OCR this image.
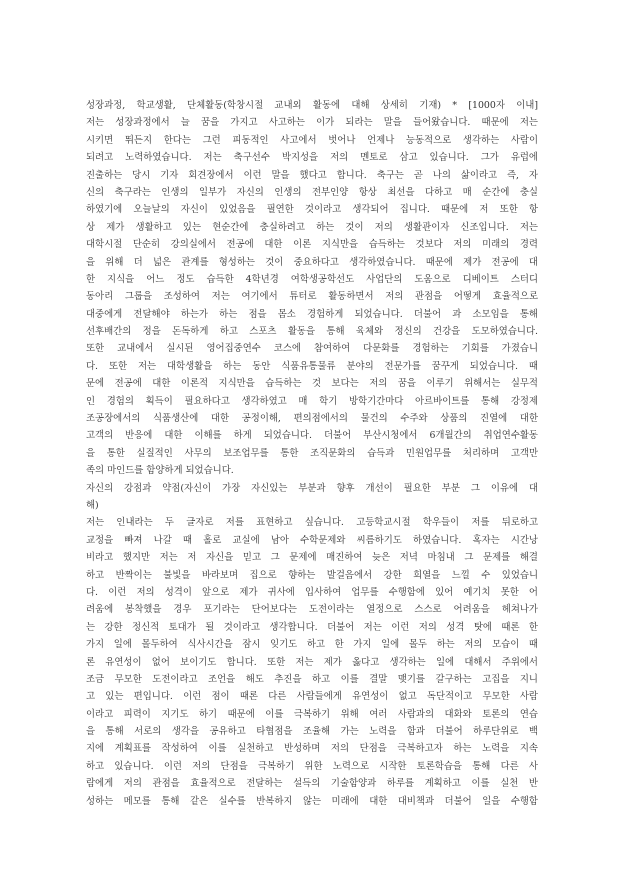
성장과정, 학교생활, 단체활동(학창시절 교내외 활동에 대해 상세히 기재) * [1000자 이내]
저는 성장과정에서 늘 꿈을 가지고 사고하는 이가 되라는 말을 들어왔습니다. 때문에 저는
시키면 뛰든지 한다는 그런 피동적인 사고에서 벗어나 언제나 능동적으로 생각하는 사람이
되려고 노력하였습니다. 저는 축구선수 박지성을 저의 멘토로 삼고 있습니다. 그가 유럽에
진출하는 당시 기자 회견장에서 이런 말을 했다고 합니다. 축구는 곧 나의 삶이라고 즉, 자
신의 축구라는 인생의 일부가 자신의 인생의 전부인양 항상 최선을 다하고 매 순간에 충실
하였기에 오늘날의 자신이 있었음을 필연한 것이라고 생각되어 집니다. 때문에 저 또한 항
상 제가 생활하고 있는 현순간에 충실하려고 하는 것이 저의 생활관이자 신조입니다. 저는
대학시절 단순히 강의실에서 전공에 대한 이론 지식만을 습득하는 것보다 저의 미래의 경력
을 위해 더 넓은 관계를 형성하는 것이 중요하다고 생각하였습니다. 때문에 제가 전공에 대
한 지식을 어느 정도 습득한 4학년경 여학생공학선도 사업단의 도움으로 디베이트 스터디
동아리 그룹을 조성하여 저는 여기에서 튜터로 활동하면서 저의 관점을 어떻게 효율적으로
대중에게 전달해야 하는가 하는 점을 몸소 경험하게 되었습니다. 더불어 과 소모임을 통해
선후배간의 정을 돈독하게 하고 스포츠 활동을 통해 육체와 정신의 건강을 도모하였습니다.
또한 교내에서 실시된 영어집중연수 코스에 참여하여 다문화를 경험하는 기회를 가졌습니
다. 또한 저는 대학생활을 하는 동안 식품유통물류 분야의 전문가를 꿈꾸게 되었습니다. 때
문에 전공에 대한 이론적 지식만을 습득하는 것 보다는 저의 꿈을 이루기 위해서는 실무적
인 경험의 획득이 필요하다고 생각하였고 매 학기 방학기간마다 아르바이트를 통해 강정제
조공장에서의 식품생산에 대한 공정이해, 편의점에서의 물건의 수주와 상품의 진열에 대한
고객의 반응에 대한 이해를 하게 되었습니다. 더불어 부산시청에서 6개월간의 취업연수활동
을 통한 실질적인 사무의 보조업무를 통한 조직문화의 습득과 민원업무를 처리하며 고객만
족의 마인드를 함양하게 되었습니다.
자신의 강점과 약점(자신이 가장 자신있는 부분과 향후 개선이 필요한 부분 그 이유에 대
해)
저는 인내라는 두 글자로 저를 표현하고 싶습니다. 고등학교시절 학우들이 저를 뒤로하고
교정을 빠져 나갈 때 홀로 교실에 남아 수학문제와 씨름하기도 하였습니다. 혹자는 시간낭
비라고 했지만 저는 저 자신을 믿고 그 문제에 매진하여 늦은 저녁 마침내 그 문제를 해결
하고 반짝이는 불빛을 바라보며 집으로 향하는 발걸음에서 강한 희열을 느낄 수 있었습니
다. 이런 저의 성격이 앞으로 제가 귀사에 입사하여 업무를 수행함에 있어 예기치 못한 어
려움에 봉착했을 경우 포기라는 단어보다는 도전이라는 열정으로 스스로 어려움을 헤쳐나가
는 강한 정신적 토대가 될 것이라고 생각합니다. 더불어 저는 이런 저의 성격 탓에 때론 한
가지 일에 몰두하여 식사시간을 잠시 잊기도 하고 한 가지 일에 몰두 하는 저의 모습이 때
론 유연성이 없어 보이기도 합니다. 또한 저는 제가 옳다고 생각하는 일에 대해서 주위에서
조금 무모한 도전이라고 조언을 해도 추진을 하고 이를 결말 맺기를 갈구하는 고집을 지니
고 있는 편입니다. 이런 점이 때론 다른 사람들에게 유연성이 없고 독단적이고 무모한 사람
이라고 피력이 지기도 하기 때문에 이를 극복하기 위해 여러 사람과의 대화와 토론의 연습
을 통해 서로의 생각을 공유하고 타협점을 조율해 가는 노력을 함과 더불어 하루단위로 백
지에 계획표를 작성하여 이를 실천하고 반성하며 저의 단점을 극복하고자 하는 노력을 지속
하고 있습니다. 이런 저의 단점을 극복하기 위한 노력으로 시작한 토론학습을 통해 다른 사
람에게 저의 관점을 효율적으로 전달하는 설득의 기술함양과 하루를 계획하고 이를 실천 반
성하는 메모를 통해 같은 실수를 반복하지 않는 미래에 대한 대비책과 더불어 일을 수행함
